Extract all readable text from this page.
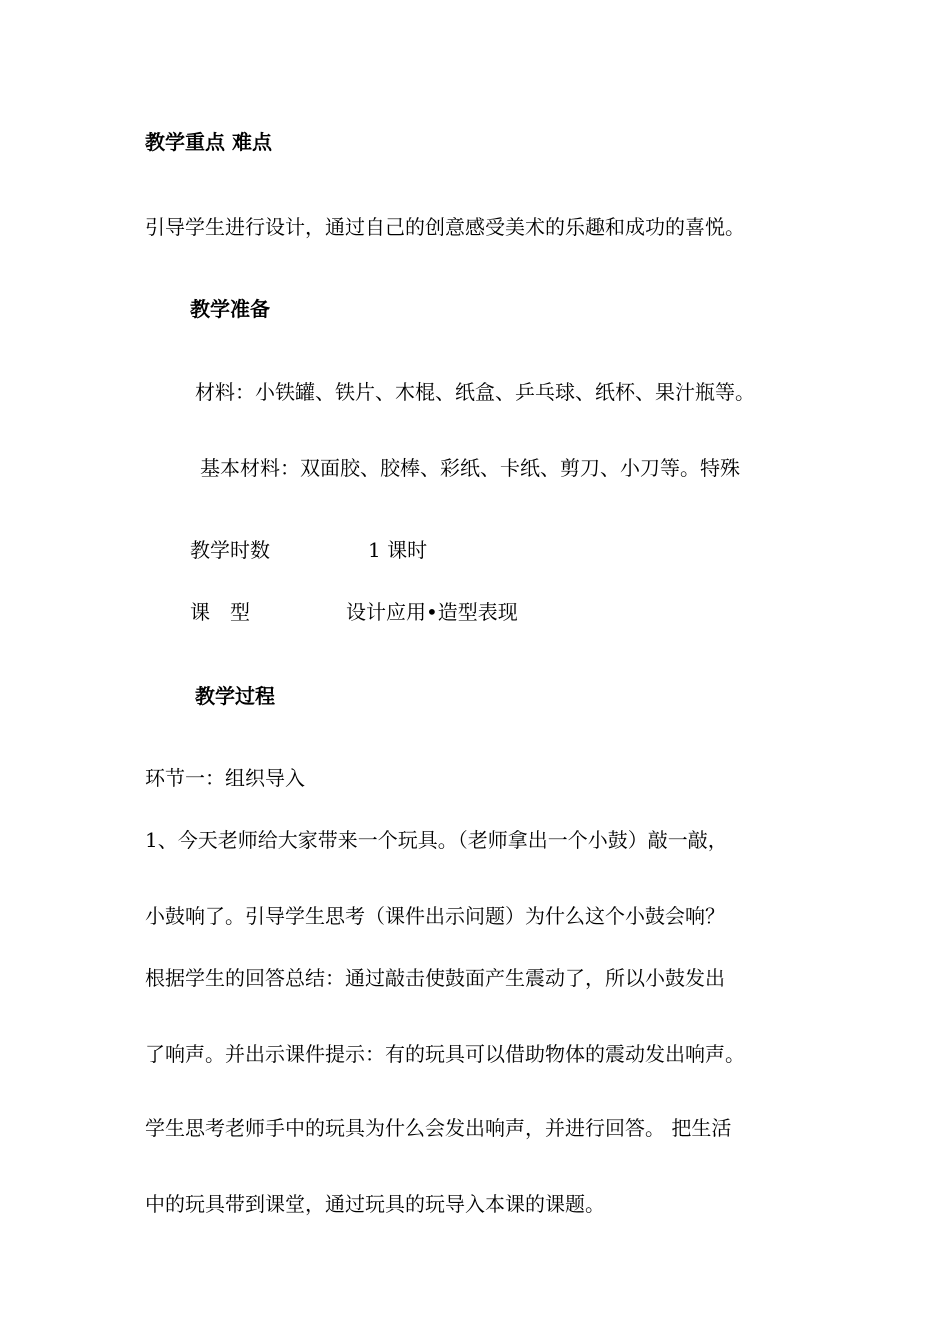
教学重点 难点

引导学生进行设计，通过自己的创意感受美术的乐趣和成功的喜悦。

教学准备

材料：小铁罐、铁片、木棍、纸盒、乒乓球、纸杯、果汁瓶等。

基本材料：双面胶、胶棒、彩纸、卡纸、剪刀、小刀等。特殊

教学时数	1 课时

课　型	设计应用•造型表现

教学过程

环节一：组织导入

1、今天老师给大家带来一个玩具。（老师拿出一个小鼓）敲一敲，

小鼓响了。引导学生思考（课件出示问题）为什么这个小鼓会响？

根据学生的回答总结：通过敲击使鼓面产生震动了，所以小鼓发出

了响声。并出示课件提示：有的玩具可以借助物体的震动发出响声。

学生思考老师手中的玩具为什么会发出响声，并进行回答。 把生活

中的玩具带到课堂，通过玩具的玩导入本课的课题。
